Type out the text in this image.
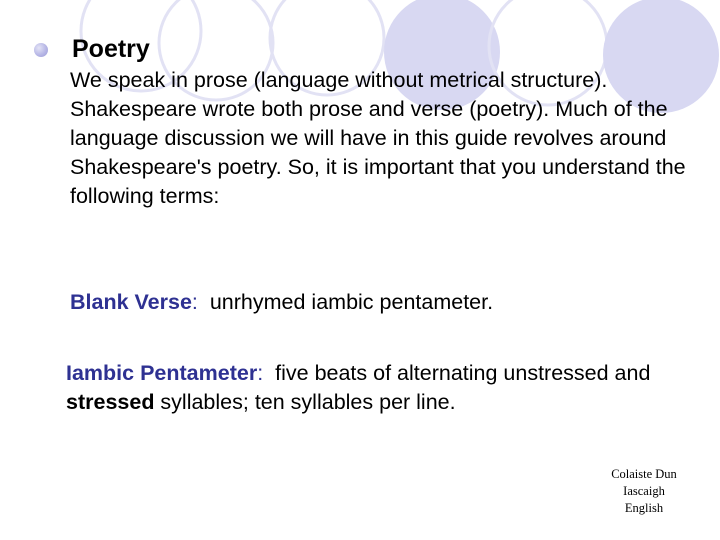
Poetry
We speak in prose (language without metrical structure). Shakespeare wrote both prose and verse (poetry). Much of the language discussion we will have in this guide revolves around Shakespeare's poetry. So, it is important that you understand the following terms:
Blank Verse:  unrhymed iambic pentameter.
Iambic Pentameter:  five beats of alternating unstressed and stressed syllables; ten syllables per line.
Colaiste Dun
Iascaigh
English
